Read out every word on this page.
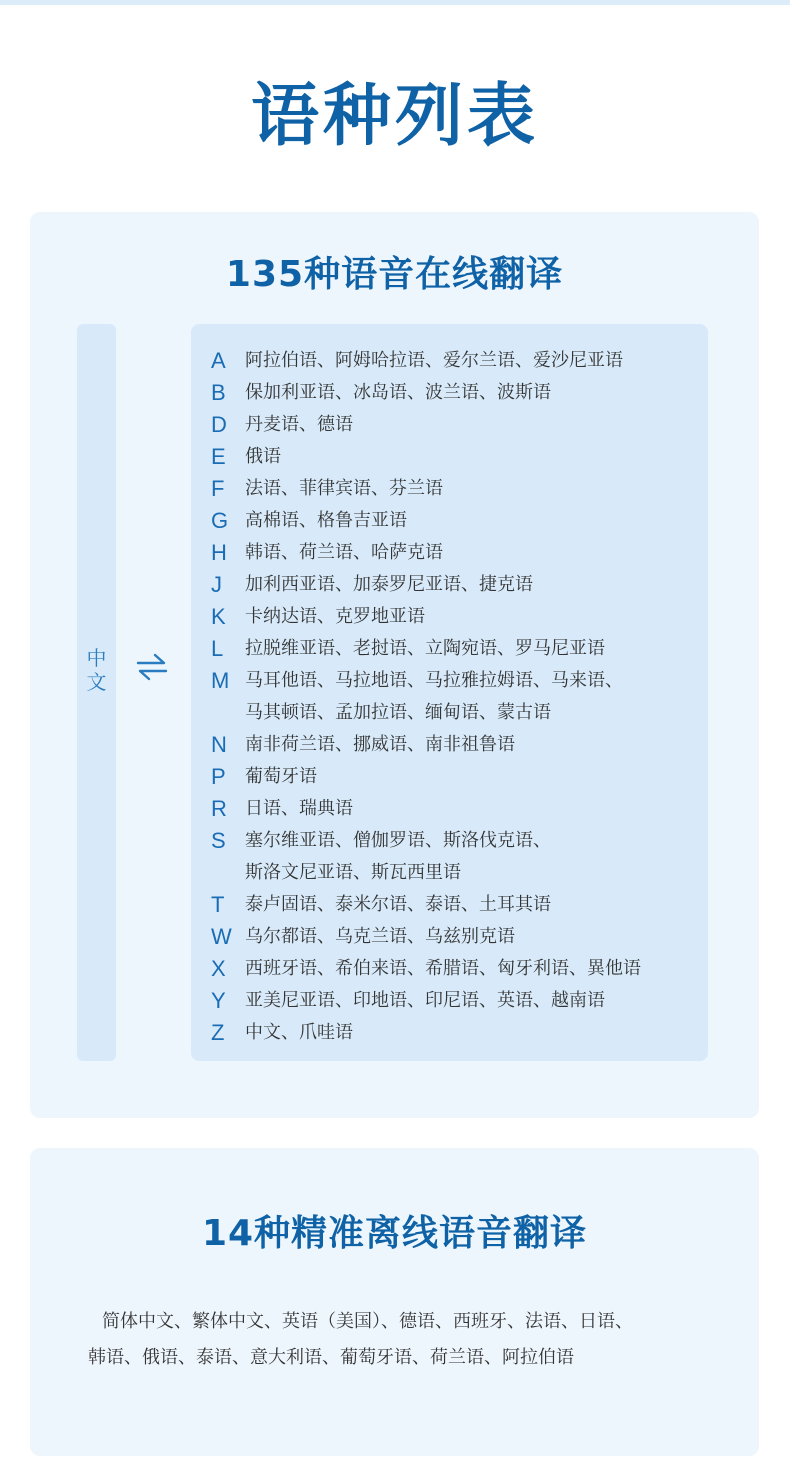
语种列表
135种语音在线翻译
中
文
A	阿拉伯语、阿姆哈拉语、爱尔兰语、爱沙尼亚语
B	保加利亚语、冰岛语、波兰语、波斯语
D	丹麦语、德语
E	俄语
F	法语、菲律宾语、芬兰语
G 高棉语、格鲁吉亚语
H	韩语、荷兰语、哈萨克语
J	加利西亚语、加泰罗尼亚语、捷克语
K	卡纳达语、克罗地亚语
L	拉脱维亚语、老挝语、立陶宛语、罗马尼亚语
M 马耳他语、马拉地语、马拉雅拉姆语、马来语、
马其顿语、孟加拉语、缅甸语、蒙古语
N	南非荷兰语、挪威语、南非祖鲁语
P	葡萄牙语
R	日语、瑞典语
S	塞尔维亚语、僧伽罗语、斯洛伐克语、
斯洛文尼亚语、斯瓦西里语
T	泰卢固语、泰米尔语、泰语、土耳其语
W 乌尔都语、乌克兰语、乌兹别克语
X	西班牙语、希伯来语、希腊语、匈牙利语、異他语
Y	亚美尼亚语、印地语、印尼语、英语、越南语
Z	中文、爪哇语
14种精准离线语音翻译
简体中文、繁体中文、英语（美国）、德语、西班牙、法语、日语、
韩语、俄语、泰语、意大利语、葡萄牙语、荷兰语、阿拉伯语
